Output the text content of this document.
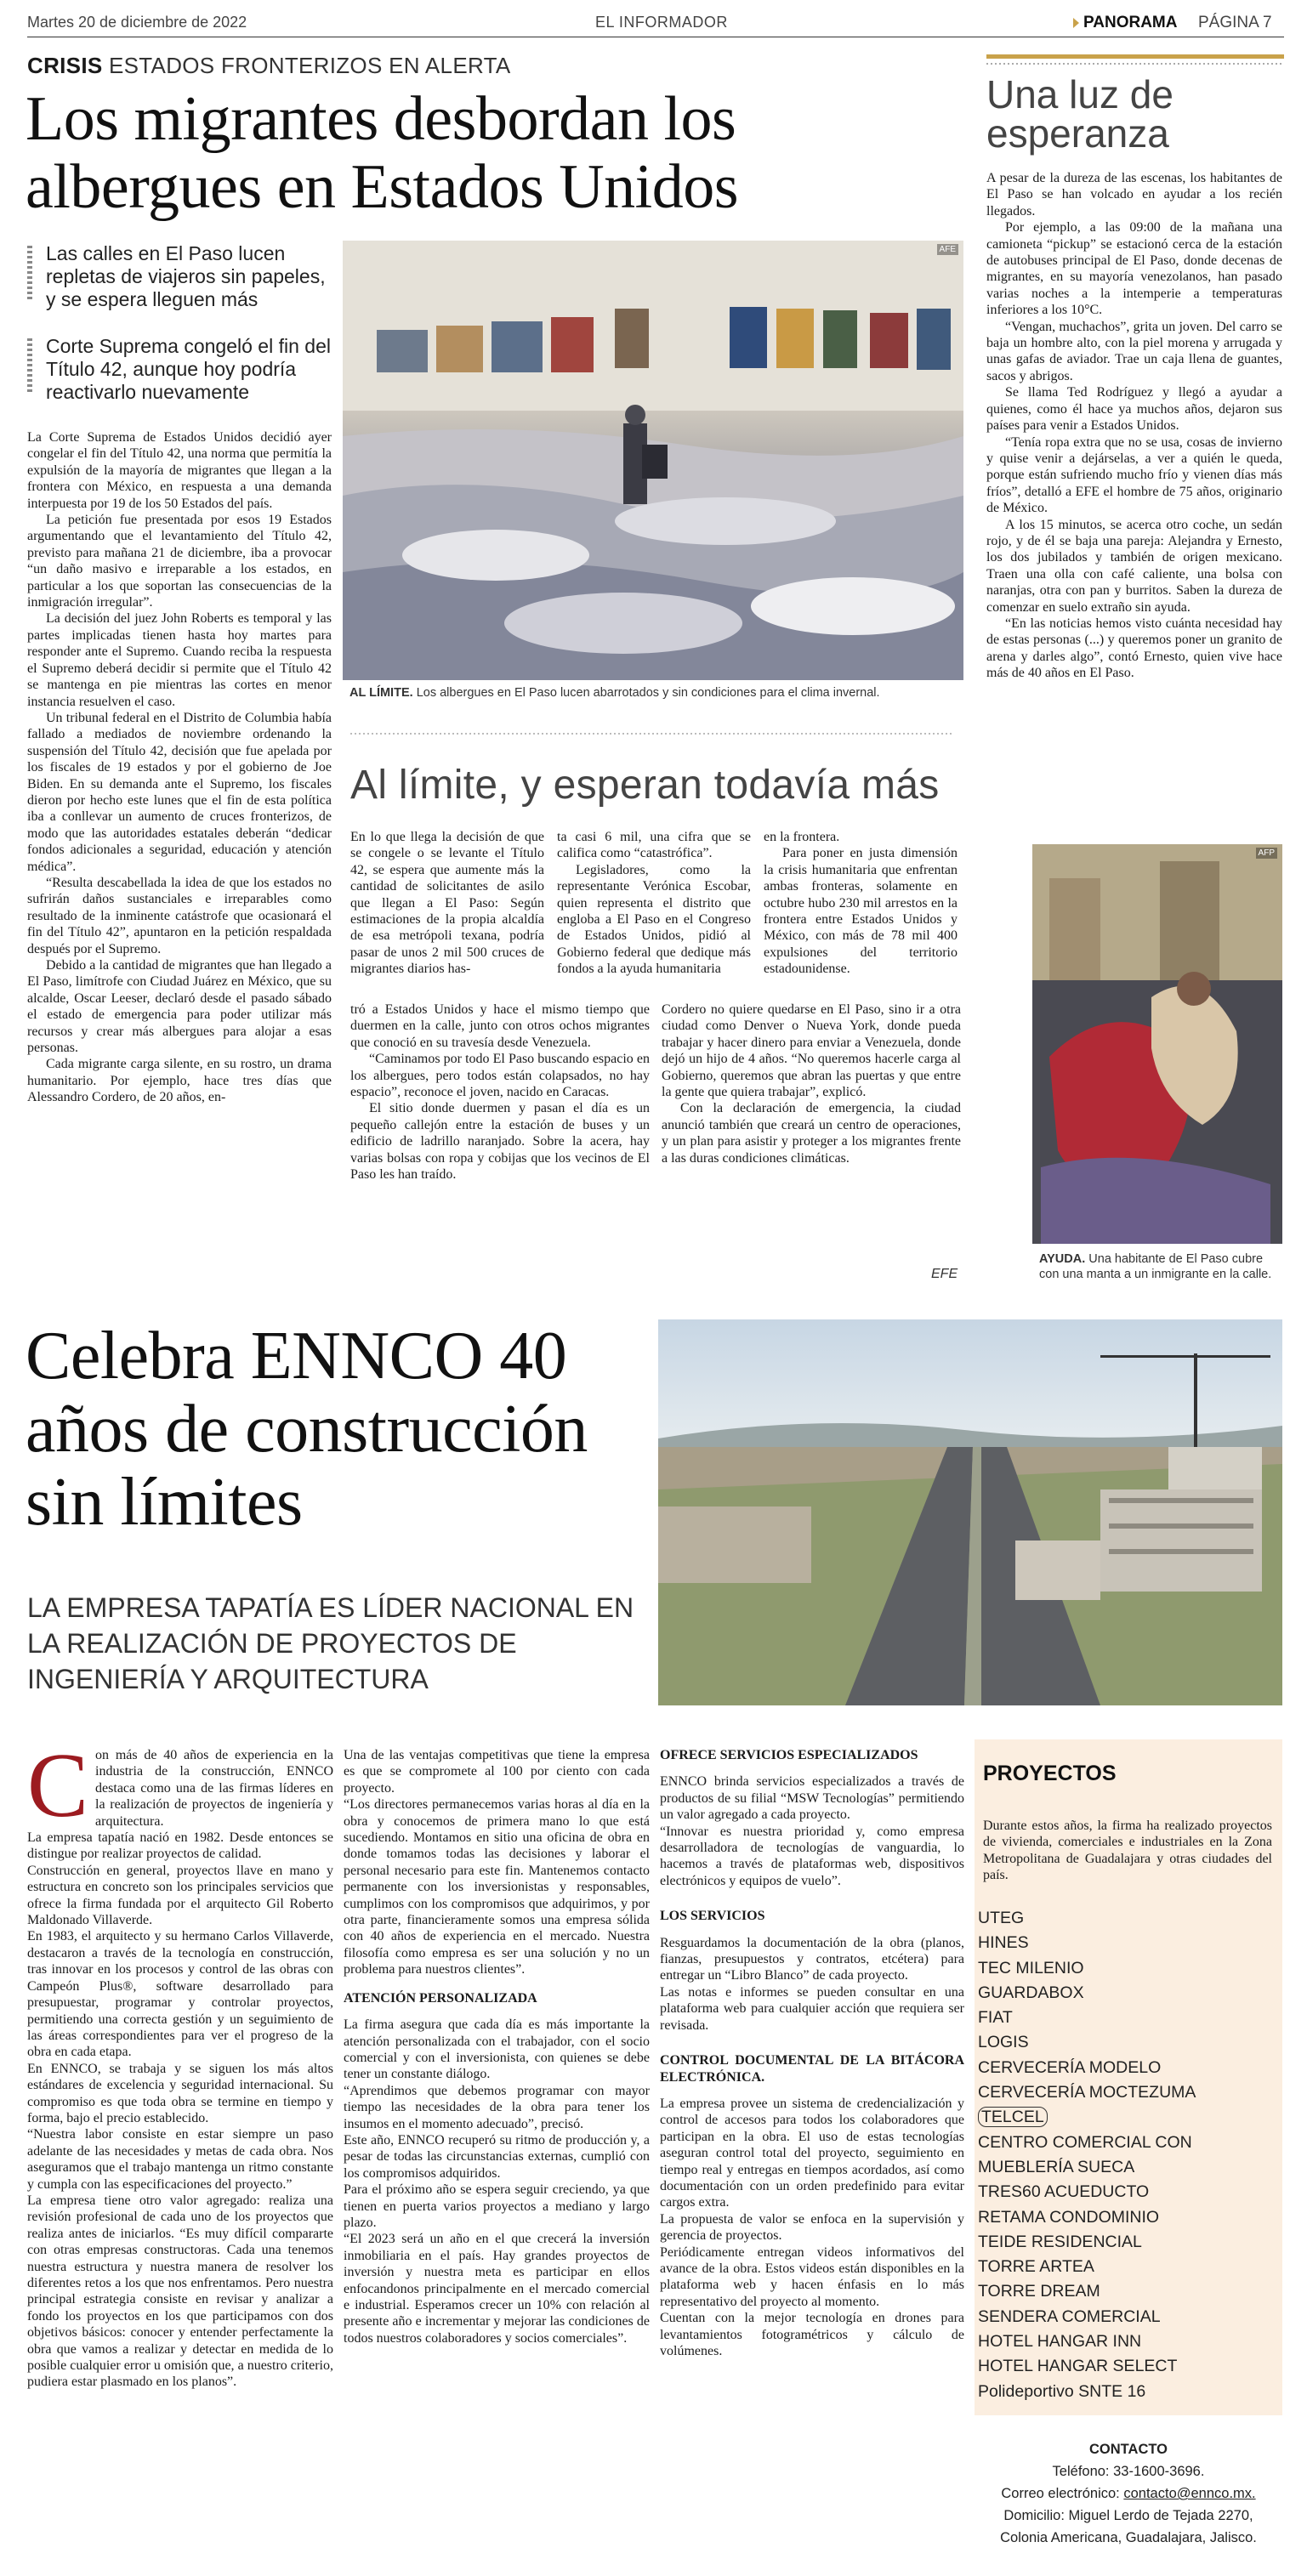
Martes 20 de diciembre de 2022	EL INFORMADOR	PANORAMA PÁGINA 7
CRISIS ESTADOS FRONTERIZOS EN ALERTA
Los migrantes desbordan los albergues en Estados Unidos

Las calles en El Paso lucen repletas de viajeros sin papeles, y se espera lleguen más

Corte Suprema congeló el fin del Título 42, aunque hoy podría reactivarlo nuevamente

AFE
AL LÍMITE. Los albergues en El Paso lucen abarrotados y sin condiciones para el clima invernal.

La Corte Suprema de Estados Unidos decidió ayer congelar el fin del Título 42, una norma que permitía la expulsión de la mayoría de migrantes que llegan a la frontera con México, en respuesta a una demanda interpuesta por 19 de los 50 Estados del país.

La petición fue presentada por esos 19 Estados argumentando que el levantamiento del Título 42, previsto para mañana 21 de diciembre, iba a provocar “un daño masivo e irreparable a los estados, en particular a los que soportan las consecuencias de la inmigración irregular”.

La decisión del juez John Roberts es temporal y las partes implicadas tienen hasta hoy martes para responder ante el Supremo. Cuando reciba la respuesta el Supremo deberá decidir si permite que el Título 42 se mantenga en pie mientras las cortes en menor instancia resuelven el caso.

Un tribunal federal en el Distrito de Columbia había fallado a mediados de noviembre ordenando la suspensión del Título 42, decisión que fue apelada por los fiscales de 19 estados y por el gobierno de Joe Biden. En su demanda ante el Supremo, los fiscales dieron por hecho este lunes que el fin de esta política iba a conllevar un aumento de cruces fronterizos, de modo que las autoridades estatales deberán “dedicar fondos adicionales a seguridad, educación y atención médica”.

“Resulta descabellada la idea de que los estados no sufrirán daños sustanciales e irreparables como resultado de la inminente catástrofe que ocasionará el fin del Título 42”, apuntaron en la petición respaldada después por el Supremo.

Debido a la cantidad de migrantes que han llegado a El Paso, limítrofe con Ciudad Juárez en México, que su alcalde, Oscar Leeser, declaró desde el pasado sábado el estado de emergencia para poder utilizar más recursos y crear más albergues para alojar a esas personas.

Cada migrante carga silente, en su rostro, un drama humanitario. Por ejemplo, hace tres días que Alessandro Cordero, de 20 años, en-

Al límite, y esperan todavía más

En lo que llega la decisión de que se congele o se levante el Título 42, se espera que aumente más la cantidad de solicitantes de asilo que llegan a El Paso: Según estimaciones de la propia alcaldía de esa metrópoli texana, podría pasar de unos 2 mil 500 cruces de migrantes diarios has-

ta casi 6 mil, una cifra que se califica como “catastrófica”.

Legisladores, como la representante Verónica Escobar, quien representa el distrito que engloba a El Paso en el Congreso de Estados Unidos, pidió al Gobierno federal que dedique más fondos a la ayuda humanitaria

en la frontera.

Para poner en justa dimensión la crisis humanitaria que enfrentan ambas fronteras, solamente en octubre hubo 230 mil arrestos en la frontera entre Estados Unidos y México, con más de 78 mil 400 expulsiones del territorio estadounidense.

tró a Estados Unidos y hace el mismo tiempo que duermen en la calle, junto con otros ochos migrantes que conoció en su travesía desde Venezuela.

“Caminamos por todo El Paso buscando espacio en los albergues, pero todos están colapsados, no hay espacio”, reconoce el joven, nacido en Caracas.

El sitio donde duermen y pasan el día es un pequeño callejón entre la estación de buses y un edificio de ladrillo naranjado. Sobre la acera, hay varias bolsas con ropa y cobijas que los vecinos de El Paso les han traído.

Cordero no quiere quedarse en El Paso, sino ir a otra ciudad como Denver o Nueva York, donde pueda trabajar y hacer dinero para enviar a Venezuela, donde dejó un hijo de 4 años. “No queremos hacerle carga al Gobierno, queremos que abran las puertas y que entre la gente que quiera trabajar”, explicó.

Con la declaración de emergencia, la ciudad anunció también que creará un centro de operaciones, y un plan para asistir y proteger a los migrantes frente a las duras condiciones climáticas.

EFE
Una luz de esperanza

A pesar de la dureza de las escenas, los habitantes de El Paso se han volcado en ayudar a los recién llegados.

Por ejemplo, a las 09:00 de la mañana una camioneta “pickup” se estacionó cerca de la estación de autobuses principal de El Paso, donde decenas de migrantes, en su mayoría venezolanos, han pasado varias noches a la intemperie a temperaturas inferiores a los 10°C.

“Vengan, muchachos”, grita un joven. Del carro se baja un hombre alto, con la piel morena y arrugada y unas gafas de aviador. Trae un caja llena de guantes, sacos y abrigos.

Se llama Ted Rodríguez y llegó a ayudar a quienes, como él hace ya muchos años, dejaron sus países para venir a Estados Unidos.

“Tenía ropa extra que no se usa, cosas de invierno y quise venir a dejárselas, a ver a quién le queda, porque están sufriendo mucho frío y vienen días más fríos”, detalló a EFE el hombre de 75 años, originario de México.

A los 15 minutos, se acerca otro coche, un sedán rojo, y de él se baja una pareja: Alejandra y Ernesto, los dos jubilados y también de origen mexicano. Traen una olla con café caliente, una bolsa con naranjas, otra con pan y burritos. Saben la dureza de comenzar en suelo extraño sin ayuda.

“En las noticias hemos visto cuánta necesidad hay de estas personas (...) y queremos poner un granito de arena y darles algo”, contó Ernesto, quien vive hace más de 40 años en El Paso.

AFP
AYUDA. Una habitante de El Paso cubre con una manta a un inmigrante en la calle.
Celebra ENNCO 40 años de construcción sin límites

LA EMPRESA TAPATÍA ES LÍDER NACIONAL EN LA REALIZACIÓN DE PROYECTOS DE INGENIERÍA Y ARQUITECTURA

C on más de 40 años de experiencia en la industria de la construcción, ENNCO destaca como una de las firmas líderes en la realización de proyectos de ingeniería y arquitectura.

La empresa tapatía nació en 1982. Desde entonces se distingue por realizar proyectos de calidad.

Construcción en general, proyectos llave en mano y estructura en concreto son los principales servicios que ofrece la firma fundada por el arquitecto Gil Roberto Maldonado Villaverde.

En 1983, el arquitecto y su hermano Carlos Villaverde, destacaron a través de la tecnología en construcción, tras innovar en los procesos y control de las obras con Campeón Plus®, software desarrollado para presupuestar, programar y controlar proyectos, permitiendo una correcta gestión y un seguimiento de las áreas correspondientes para ver el progreso de la obra en cada etapa.

En ENNCO, se trabaja y se siguen los más altos estándares de excelencia y seguridad internacional. Su compromiso es que toda obra se termine en tiempo y forma, bajo el precio establecido.

“Nuestra labor consiste en estar siempre un paso adelante de las necesidades y metas de cada obra. Nos aseguramos que el trabajo mantenga un ritmo constante y cumpla con las especificaciones del proyecto.”

La empresa tiene otro valor agregado: realiza una revisión profesional de cada uno de los proyectos que realiza antes de iniciarlos. “Es muy difícil compararte con otras empresas constructoras. Cada una tenemos nuestra estructura y nuestra manera de resolver los diferentes retos a los que nos enfrentamos. Pero nuestra principal estrategia consiste en revisar y analizar a fondo los proyectos en los que participamos con dos objetivos básicos: conocer y entender perfectamente la obra que vamos a realizar y detectar en medida de lo posible cualquier error u omisión que, a nuestro criterio, pudiera estar plasmado en los planos”.

Una de las ventajas competitivas que tiene la empresa es que se compromete al 100 por ciento con cada proyecto.

“Los directores permanecemos varias horas al día en la obra y conocemos de primera mano lo que está sucediendo. Montamos en sitio una oficina de obra en donde tomamos todas las decisiones y laborar el personal necesario para este fin. Mantenemos contacto permanente con los inversionistas y responsables, cumplimos con los compromisos que adquirimos, y por otra parte, financieramente somos una empresa sólida con 40 años de experiencia en el mercado. Nuestra filosofía como empresa es ser una solución y no un problema para nuestros clientes”.

ATENCIÓN PERSONALIZADA

La firma asegura que cada día es más importante la atención personalizada con el trabajador, con el socio comercial y con el inversionista, con quienes se debe tener un constante diálogo.

“Aprendimos que debemos programar con mayor tiempo las necesidades de la obra para tener los insumos en el momento adecuado”, precisó.

Este año, ENNCO recuperó su ritmo de producción y, a pesar de todas las circunstancias externas, cumplió con los compromisos adquiridos.

Para el próximo año se espera seguir creciendo, ya que tienen en puerta varios proyectos a mediano y largo plazo.

“El 2023 será un año en el que crecerá la inversión inmobiliaria en el país. Hay grandes proyectos de inversión y nuestra meta es participar en ellos enfocandonos principalmente en el mercado comercial e industrial. Esperamos crecer un 10% con relación al presente año e incrementar y mejorar las condiciones de todos nuestros colaboradores y socios comerciales”.

OFRECE SERVICIOS ESPECIALIZADOS

ENNCO brinda servicios especializados a través de productos de su filial “MSW Tecnologías” permitiendo un valor agregado a cada proyecto.

“Innovar es nuestra prioridad y, como empresa desarrolladora de tecnologías de vanguardia, lo hacemos a través de plataformas web, dispositivos electrónicos y equipos de vuelo”.

LOS SERVICIOS

Resguardamos la documentación de la obra (planos, fianzas, presupuestos y contratos, etcétera) para entregar un “Libro Blanco” de cada proyecto.

Las notas e informes se pueden consultar en una plataforma web para cualquier acción que requiera ser revisada.

CONTROL DOCUMENTAL DE LA BITÁCORA ELECTRÓNICA.

La empresa provee un sistema de credencialización y control de accesos para todos los colaboradores que participan en la obra. El uso de estas tecnologías aseguran control total del proyecto, seguimiento en tiempo real y entregas en tiempos acordados, así como documentación con un orden predefinido para evitar cargos extra.

La propuesta de valor se enfoca en la supervisión y gerencia de proyectos.

Periódicamente entregan videos informativos del avance de la obra. Estos videos están disponibles en la plataforma web y hacen énfasis en lo más representativo del proyecto al momento.

Cuentan con la mejor tecnología en drones para levantamientos fotogramétricos y cálculo de volúmenes.

PROYECTOS

Durante estos años, la firma ha realizado proyectos de vivienda, comerciales e industriales en la Zona Metropolitana de Guadalajara y otras ciudades del país.

UTEG
HINES
TEC MILENIO
GUARDABOX
FIAT
LOGIS
CERVECERÍA MODELO
CERVECERÍA MOCTEZUMA
TELCEL
CENTRO COMERCIAL CON
MUEBLERÍA SUECA
TRES60 ACUEDUCTO
RETAMA CONDOMINIO
TEIDE RESIDENCIAL
TORRE ARTEA
TORRE DREAM
SENDERA COMERCIAL
HOTEL HANGAR INN
HOTEL HANGAR SELECT
Polideportivo SNTE 16
CONTACTO
Teléfono: 33-1600-3696.
Correo electrónico: contacto@ennco.mx.
Domicilio: Miguel Lerdo de Tejada 2270,
Colonia Americana, Guadalajara, Jalisco.
